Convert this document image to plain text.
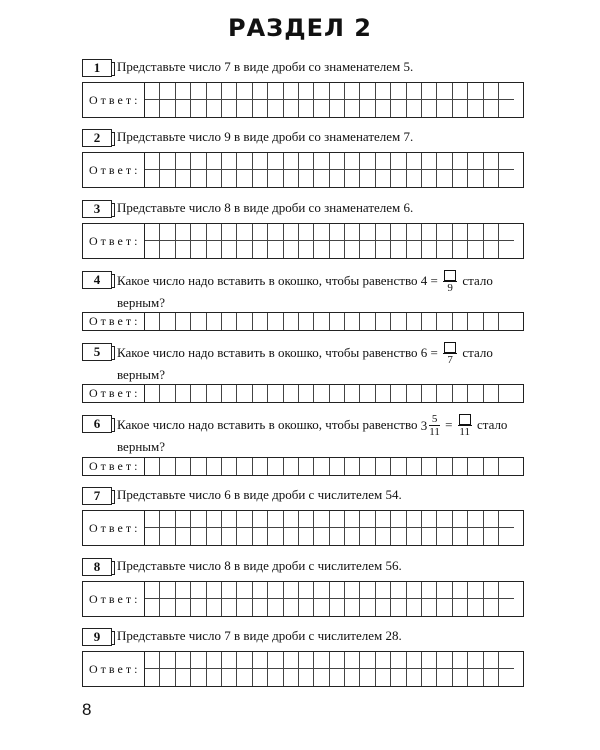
РАЗДЕЛ 2
1	Представьте число 7 в виде дроби со знаменателем 5.
Ответ:
2	Представьте число 9 в виде дроби со знаменателем 7.
Ответ:
3	Представьте число 8 в виде дроби со знаменателем 6.
Ответ:
4	Какое число надо вставить в окошко, чтобы равенство 4 =
9
стало
верным?
Ответ:
5	Какое число надо вставить в окошко, чтобы равенство 6 =
7
стало
верным?
Ответ:
6	Какое число надо вставить в окошко, чтобы равенство $3 \frac{5}{11}$ =
11
стало
верным?
Ответ:
7	Представьте число 6 в виде дроби с числителем 54.
Ответ:
8	Представьте число 8 в виде дроби с числителем 56.
Ответ:
9	Представьте число 7 в виде дроби с числителем 28.
Ответ:
8
